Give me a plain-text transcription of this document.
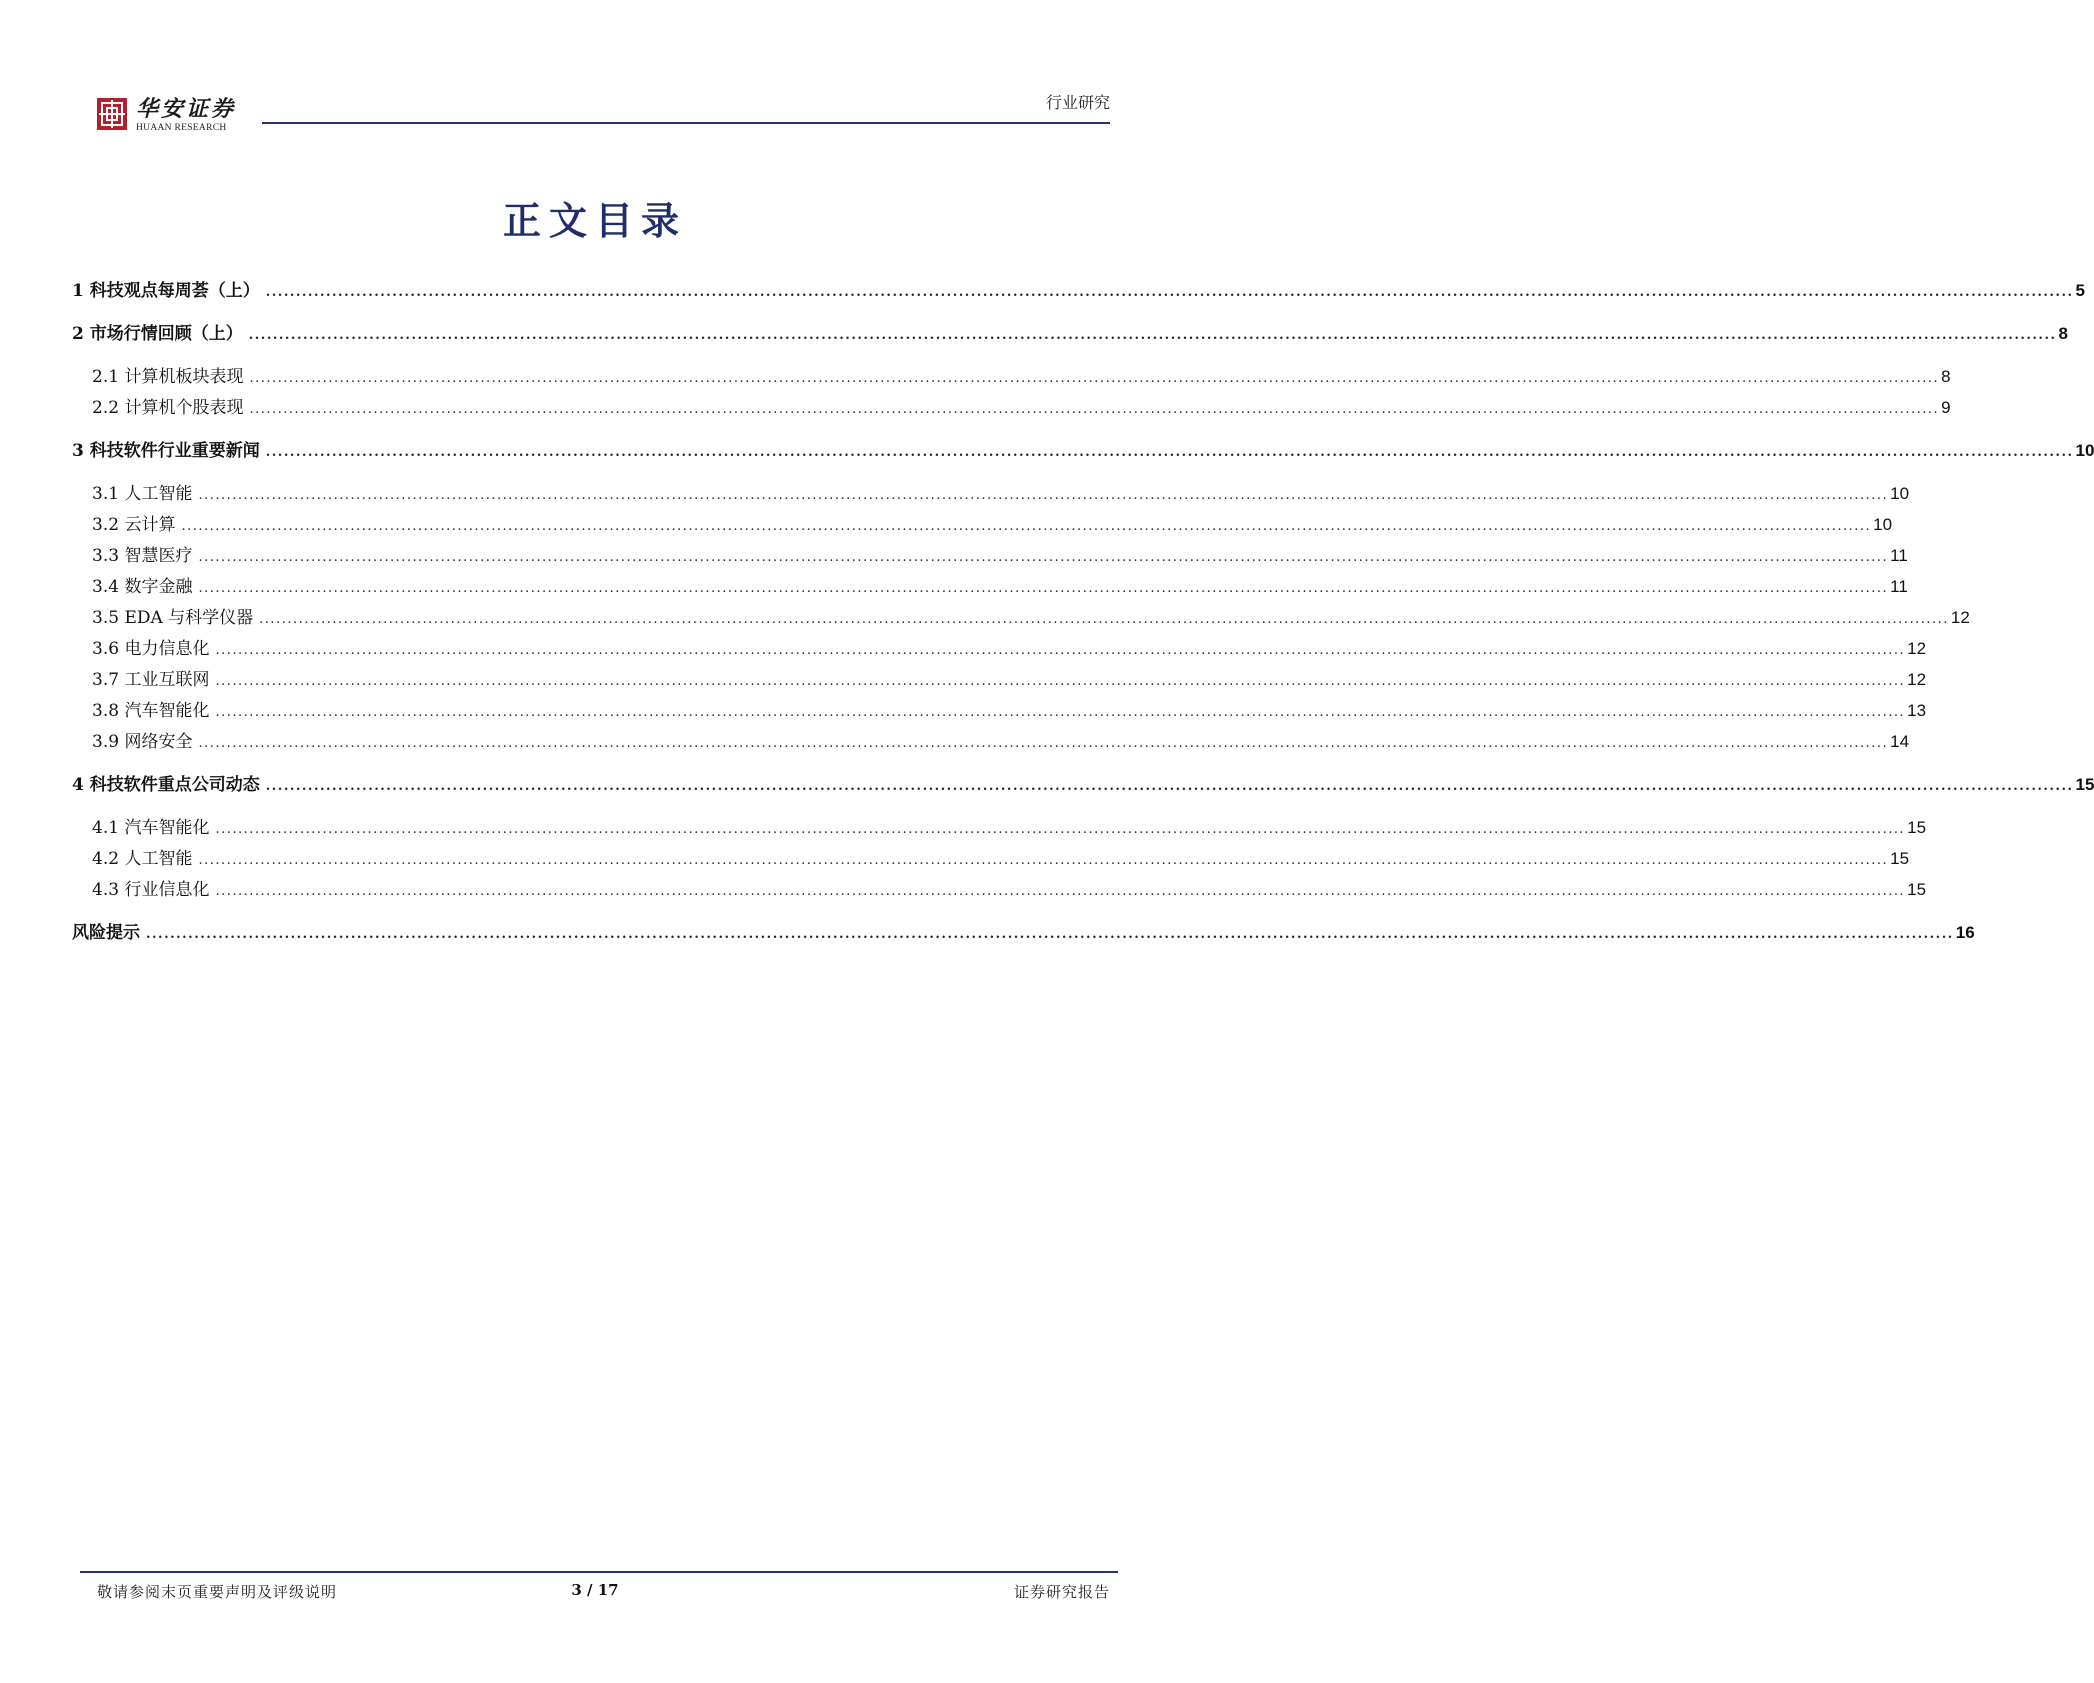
华安证券
HUAAN RESEARCH
行业研究
正文目录
1 科技观点每周荟（上） ............................................................................................................................................................................................................................................................................................................ 5
2 市场行情回顾（上） ............................................................................................................................................................................................................................................................................................................ 8
2.1 计算机板块表现 ............................................................................................................................................................................................................................................................................................................ 8
2.2 计算机个股表现 ............................................................................................................................................................................................................................................................................................................ 9
3 科技软件行业重要新闻 ............................................................................................................................................................................................................................................................................................................ 10
3.1 人工智能 ............................................................................................................................................................................................................................................................................................................ 10
3.2 云计算 ............................................................................................................................................................................................................................................................................................................ 10
3.3 智慧医疗 ............................................................................................................................................................................................................................................................................................................ 11
3.4 数字金融 ............................................................................................................................................................................................................................................................................................................ 11
3.5 EDA 与科学仪器 ............................................................................................................................................................................................................................................................................................................ 12
3.6 电力信息化 ............................................................................................................................................................................................................................................................................................................ 12
3.7 工业互联网 ............................................................................................................................................................................................................................................................................................................ 12
3.8 汽车智能化 ............................................................................................................................................................................................................................................................................................................ 13
3.9 网络安全 ............................................................................................................................................................................................................................................................................................................ 14
4 科技软件重点公司动态 ............................................................................................................................................................................................................................................................................................................ 15
4.1 汽车智能化 ............................................................................................................................................................................................................................................................................................................ 15
4.2 人工智能 ............................................................................................................................................................................................................................................................................................................ 15
4.3 行业信息化 ............................................................................................................................................................................................................................................................................................................ 15
风险提示 ............................................................................................................................................................................................................................................................................................................ 16
敬请参阅末页重要声明及评级说明	3 / 17	证券研究报告
